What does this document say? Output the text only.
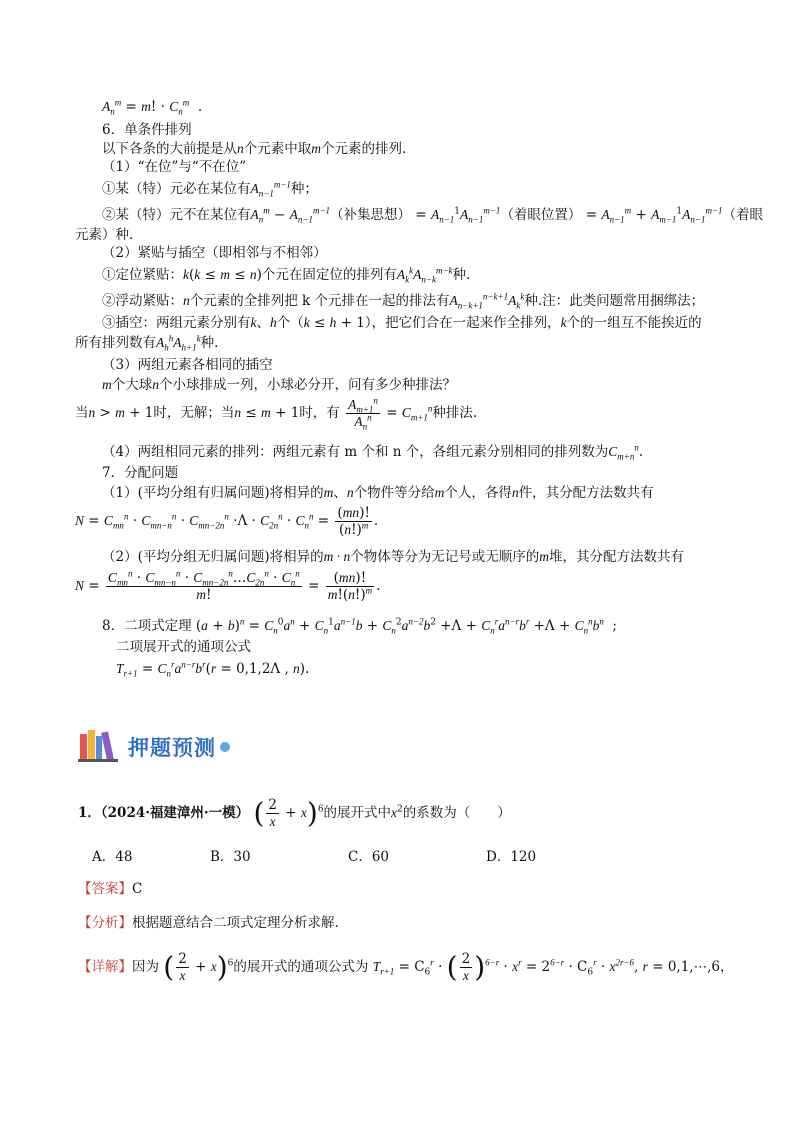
$A_n^m = m$! · $C_n^m$  .
6．单条件排列
以下各条的大前提是从n个元素中取m个元素的排列.
（1）“在位”与“不在位”
①某（特）元必在某位有$A_{n-1}^{m-1}$种；
②某（特）元不在某位有$A_n^m - A_{n-1}^{m-1}$（补集思想） = $A_{n-1}^1A_{n-1}^{m-1}$（着眼位置） = $A_{n-1}^m + A_{m-1}^1A_{n-1}^{m-1}$（着眼
元素）种.
（2）紧贴与插空（即相邻与不相邻）
①定位紧贴：k(k ≤ m ≤ n)个元在固定位的排列有$A_k^kA_{n-k}^{m-k}$种.
②浮动紧贴：n个元素的全排列把 k 个元排在一起的排法有$A_{n-k+1}^{n-k+1}A_k^k$种.注：此类问题常用捆绑法；
③插空：两组元素分别有k、h个（k ≤ h + 1），把它们合在一起来作全排列，k个的一组互不能挨近的
所有排列数有$A_h^hA_{h+1}^k$种.
（3）两组元素各相同的插空
m个大球n个小球排成一列，小球必分开，问有多少种排法？
当n > m + 1时，无解；当n ≤ m + 1时，有 $\frac{A_{m+1}^n}{A_n^n} = C_{m+1}^n$种排法.
（4）两组相同元素的排列：两组元素有 m 个和 n 个，各组元素分别相同的排列数为$C_{m+n}^n$.
7．分配问题
（1）(平均分组有归属问题)将相异的m、n个物件等分给m个人，各得n件，其分配方法数共有
$N = C_{mn}^n \cdot C_{mn-n}^n \cdot C_{mn-2n}^n \cdot\Lambda \cdot C_{2n}^n \cdot C_n^n = \frac{(mn)!}{(n!)^m}$ .
（2）(平均分组无归属问题)将相异的m · n个物体等分为无记号或无顺序的m堆，其分配方法数共有
$N = \frac{C_{mn}^n \cdot C_{mn-n}^n \cdot C_{mn-2n}^n\dots C_{2n}^n \cdot C_n^n}{m!} = \frac{(mn)!}{m!(n!)^m}$ .
8．二项式定理 $(a + b)^n = C_n^0a^n + C_n^1a^{n-1}b + C_n^2a^{n-2}b^2 +\Lambda + C_n^ra^{n-r}b^r +\Lambda + C_n^nb^n$  ;
二项展开式的通项公式
$T_{r+1} = C_n^ra^{n-r}b^r(r = 0,1,2\Lambda$ , n).
押题预测
1．（2024·福建漳州·一模） ( $\frac{2}{x} + x)^6$的展开式中$x^2$的系数为（　　）
A．48	B．30	C．60	D．120
【答案】C
【分析】根据题意结合二项式定理分析求解.
【详解】因为 ( $\frac{2}{x} + x)^6$的展开式的通项公式为 $T_{r+1} = C_6^r$ · ( $\frac{2}{x} )^{6-r} \cdot x^r = 2^{6-r} \cdot C_6^r \cdot x^{2r-6}$, r = 0,1,⋯,6，
